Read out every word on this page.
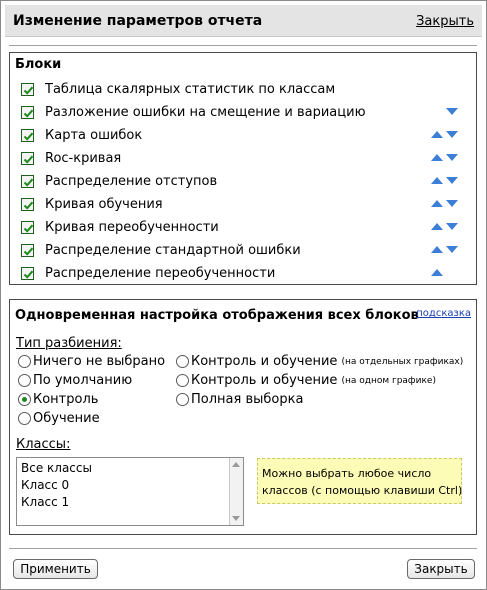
Изменение параметров отчета	Закрыть
Блоки
Таблица скалярных статистик по классам
Разложение ошибки на смещение и вариацию
Карта ошибок
Roc-кривая
Распределение отступов
Кривая обучения
Кривая переобученности
Распределение стандартной ошибки
Распределение переобученности
Одновременная настройка отображения всех блоков
подсказка
Тип разбиения:
Ничего не выбрано
По умолчанию
Контроль
Обучение
Контроль и обучение (на отдельных графиках)
Контроль и обучение (на одном графике)
Полная выборка
Классы:
Все классы
Класс 0
Класс 1
Можно выбрать любое число
классов (с помощью клавиши Ctrl)
Применить	Закрыть
